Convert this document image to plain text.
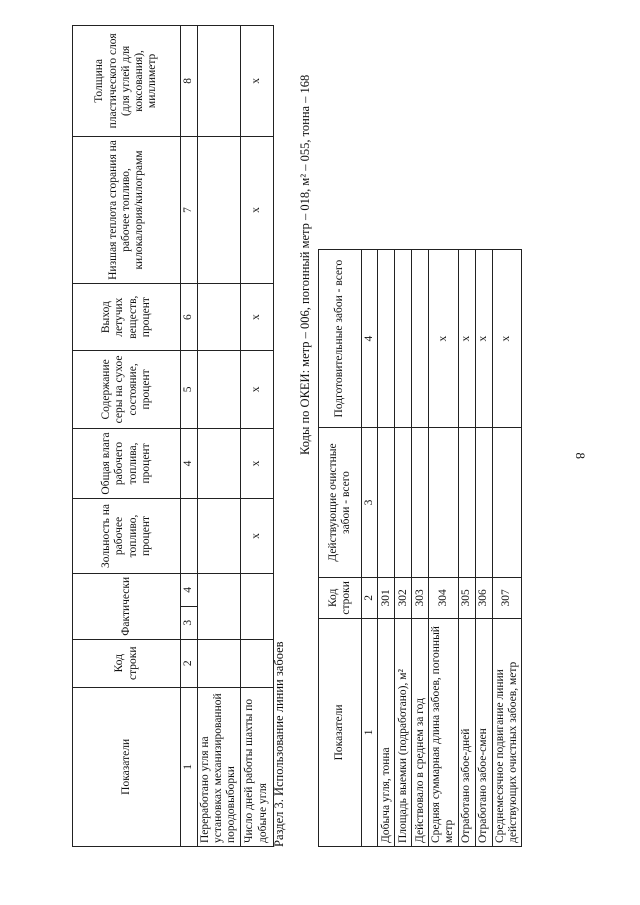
8
Показатели	Код строки	Фактически		Зольность на рабочее топливо, процент	Общая влага рабочего топлива, процент	Содержание серы на сухое состояние, процент	Выход летучих веществ, процент	Низшая теплота сгорания на рабочее топливо, килокалория/килограмм	Толщина пластического слоя (для углей для коксования), миллиметр
1	2	3	4		4	5	6	7	8
Переработано угля на установках механизированной породовыборки									
Число дней работы шахты по добыче угля				х	х	х	х	х	х
Раздел 3. Использование линии забоев
Коды по ОКЕИ: метр – 006, погонный метр – 018, м² – 055, тонна – 168
Показатели	Код строки	Действующие очистные забои - всего	Подготовительные забои - всего
1	2	3	4
Добыча угля, тонна	301		
Площадь выемки (подработано), м²	302		
Действовало в среднем за год	303		
Средняя суммарная длина забоев, погонный метр	304		х
Отработано забое-дней	305		х
Отработано забое-смен	306		х
Среднемесячное подвигание линии действующих очистных забоев, метр	307		х
